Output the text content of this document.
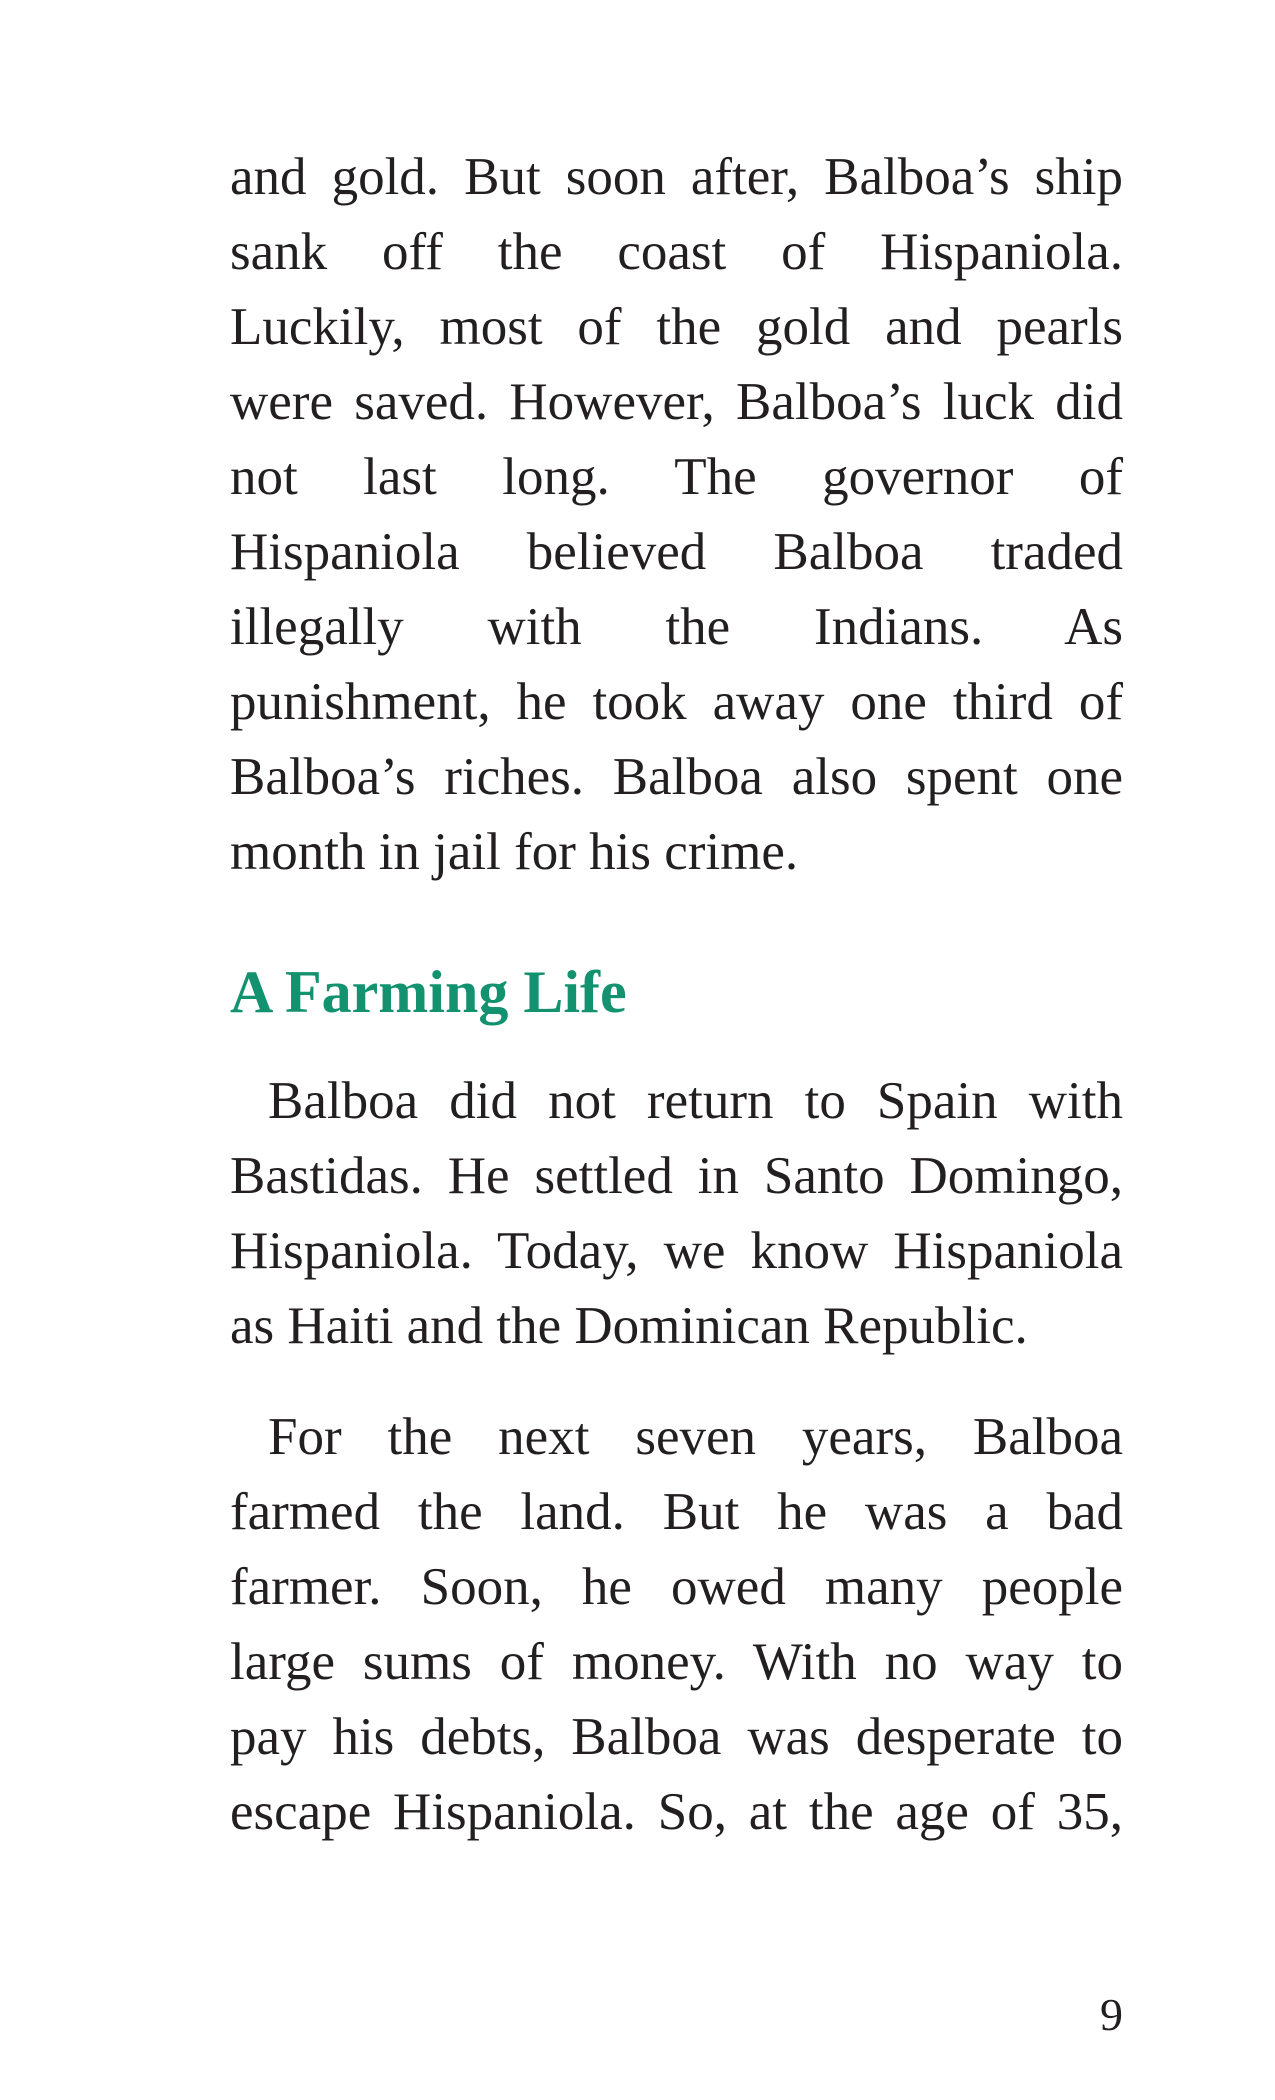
and gold. But soon after, Balboa’s ship
sank off the coast of Hispaniola.
Luckily, most of the gold and pearls
were saved. However, Balboa’s luck did
not last long. The governor of
Hispaniola believed Balboa traded
illegally with the Indians. As
punishment, he took away one third of
Balboa’s riches. Balboa also spent one
month in jail for his crime.

A Farming Life

Balboa did not return to Spain with
Bastidas. He settled in Santo Domingo,
Hispaniola. Today, we know Hispaniola
as Haiti and the Dominican Republic.

For the next seven years, Balboa
farmed the land. But he was a bad
farmer. Soon, he owed many people
large sums of money. With no way to
pay his debts, Balboa was desperate to
escape Hispaniola. So, at the age of 35,

9
